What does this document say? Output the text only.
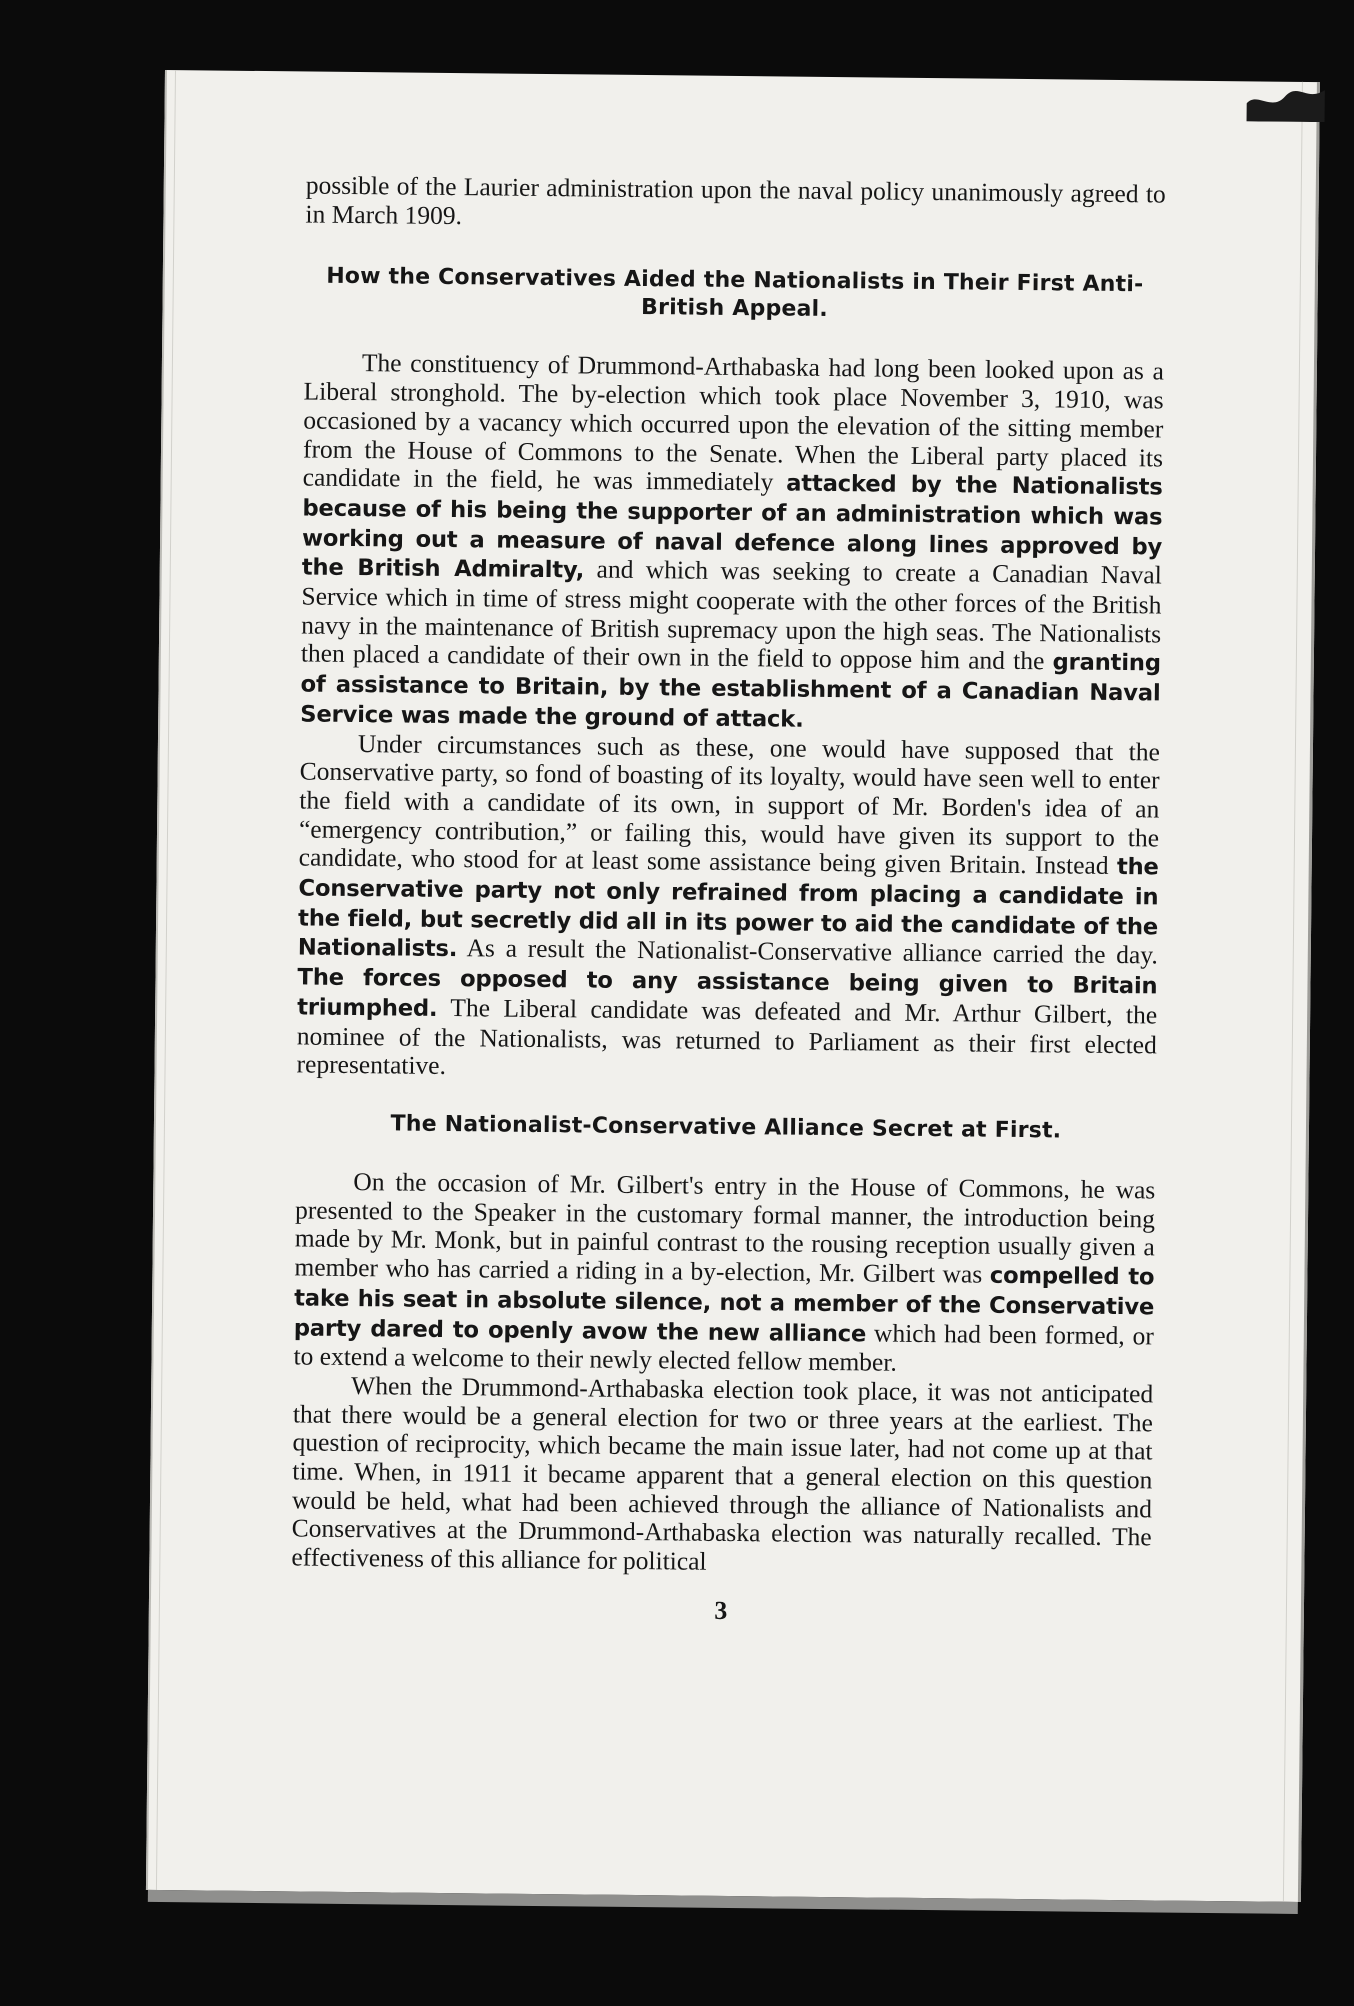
possible of the Laurier administration upon the naval policy unanimously agreed to in March 1909.

How the Conservatives Aided the Nationalists in Their First Anti-British Appeal.

The constituency of Drummond-Arthabaska had long been looked upon as a Liberal stronghold. The by-election which took place November 3, 1910, was occasioned by a vacancy which occurred upon the elevation of the sitting member from the House of Commons to the Senate. When the Liberal party placed its candidate in the field, he was immediately attacked by the Nationalists because of his being the supporter of an administration which was working out a measure of naval defence along lines approved by the British Admiralty, and which was seeking to create a Canadian Naval Service which in time of stress might cooperate with the other forces of the British navy in the maintenance of British supremacy upon the high seas. The Nationalists then placed a candidate of their own in the field to oppose him and the granting of assistance to Britain, by the establishment of a Canadian Naval Service was made the ground of attack.

Under circumstances such as these, one would have supposed that the Conservative party, so fond of boasting of its loyalty, would have seen well to enter the field with a candidate of its own, in support of Mr. Borden's idea of an “emergency contribution,” or failing this, would have given its support to the candidate, who stood for at least some assistance being given Britain. Instead the Conservative party not only refrained from placing a candidate in the field, but secretly did all in its power to aid the candidate of the Nationalists. As a result the Nationalist-Conservative alliance carried the day. The forces opposed to any assistance being given to Britain triumphed. The Liberal candidate was defeated and Mr. Arthur Gilbert, the nominee of the Nationalists, was returned to Parliament as their first elected representative.

The Nationalist-Conservative Alliance Secret at First.

On the occasion of Mr. Gilbert's entry in the House of Commons, he was presented to the Speaker in the customary formal manner, the introduction being made by Mr. Monk, but in painful contrast to the rousing reception usually given a member who has carried a riding in a by-election, Mr. Gilbert was compelled to take his seat in absolute silence, not a member of the Conservative party dared to openly avow the new alliance which had been formed, or to extend a welcome to their newly elected fellow member.

When the Drummond-Arthabaska election took place, it was not anticipated that there would be a general election for two or three years at the earliest. The question of reciprocity, which became the main issue later, had not come up at that time. When, in 1911 it became apparent that a general election on this question would be held, what had been achieved through the alliance of Nationalists and Conservatives at the Drummond-Arthabaska election was naturally recalled. The effectiveness of this alliance for political

3
